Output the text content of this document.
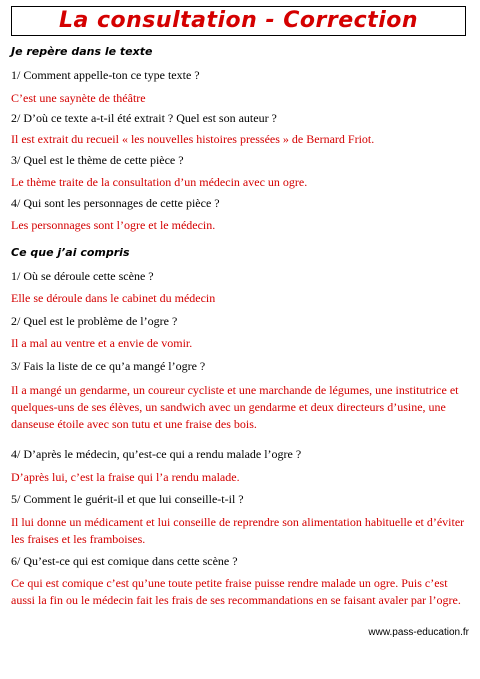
La consultation - Correction
Je repère dans le texte
1/ Comment appelle-ton ce type texte ?
C’est une saynète de théâtre
2/ D’où ce texte a-t-il été extrait ? Quel est son auteur ?
Il est extrait du recueil « les nouvelles histoires pressées » de Bernard Friot.
3/ Quel est le thème de cette pièce ?
Le thème traite de la consultation d’un médecin avec un ogre.
4/ Qui sont les personnages de cette pièce ?
Les personnages sont l’ogre et le médecin.
Ce que j’ai compris
1/ Où se déroule cette scène ?
Elle se déroule dans le cabinet du médecin
2/ Quel est le problème de l’ogre ?
Il a mal au ventre et a envie de vomir.
3/ Fais la liste de ce qu’a mangé l’ogre ?
Il a mangé un gendarme, un coureur cycliste et une marchande de légumes, une institutrice et quelques-uns de ses élèves, un sandwich avec un gendarme et deux directeurs d’usine, une danseuse étoile avec son tutu et une fraise des bois.
4/ D’après le médecin, qu’est-ce qui a rendu malade l’ogre ?
D’après lui, c’est la fraise qui l’a rendu malade.
5/ Comment le guérit-il et que lui conseille-t-il ?
Il lui donne un médicament et lui conseille de reprendre son alimentation habituelle et d’éviter les fraises et les framboises.
6/ Qu’est-ce qui est comique dans cette scène ?
Ce qui est comique c’est qu’une toute petite fraise puisse rendre malade un ogre. Puis c’est aussi la fin ou le médecin fait les frais de ses recommandations en se faisant avaler par l’ogre.
www.pass-education.fr
